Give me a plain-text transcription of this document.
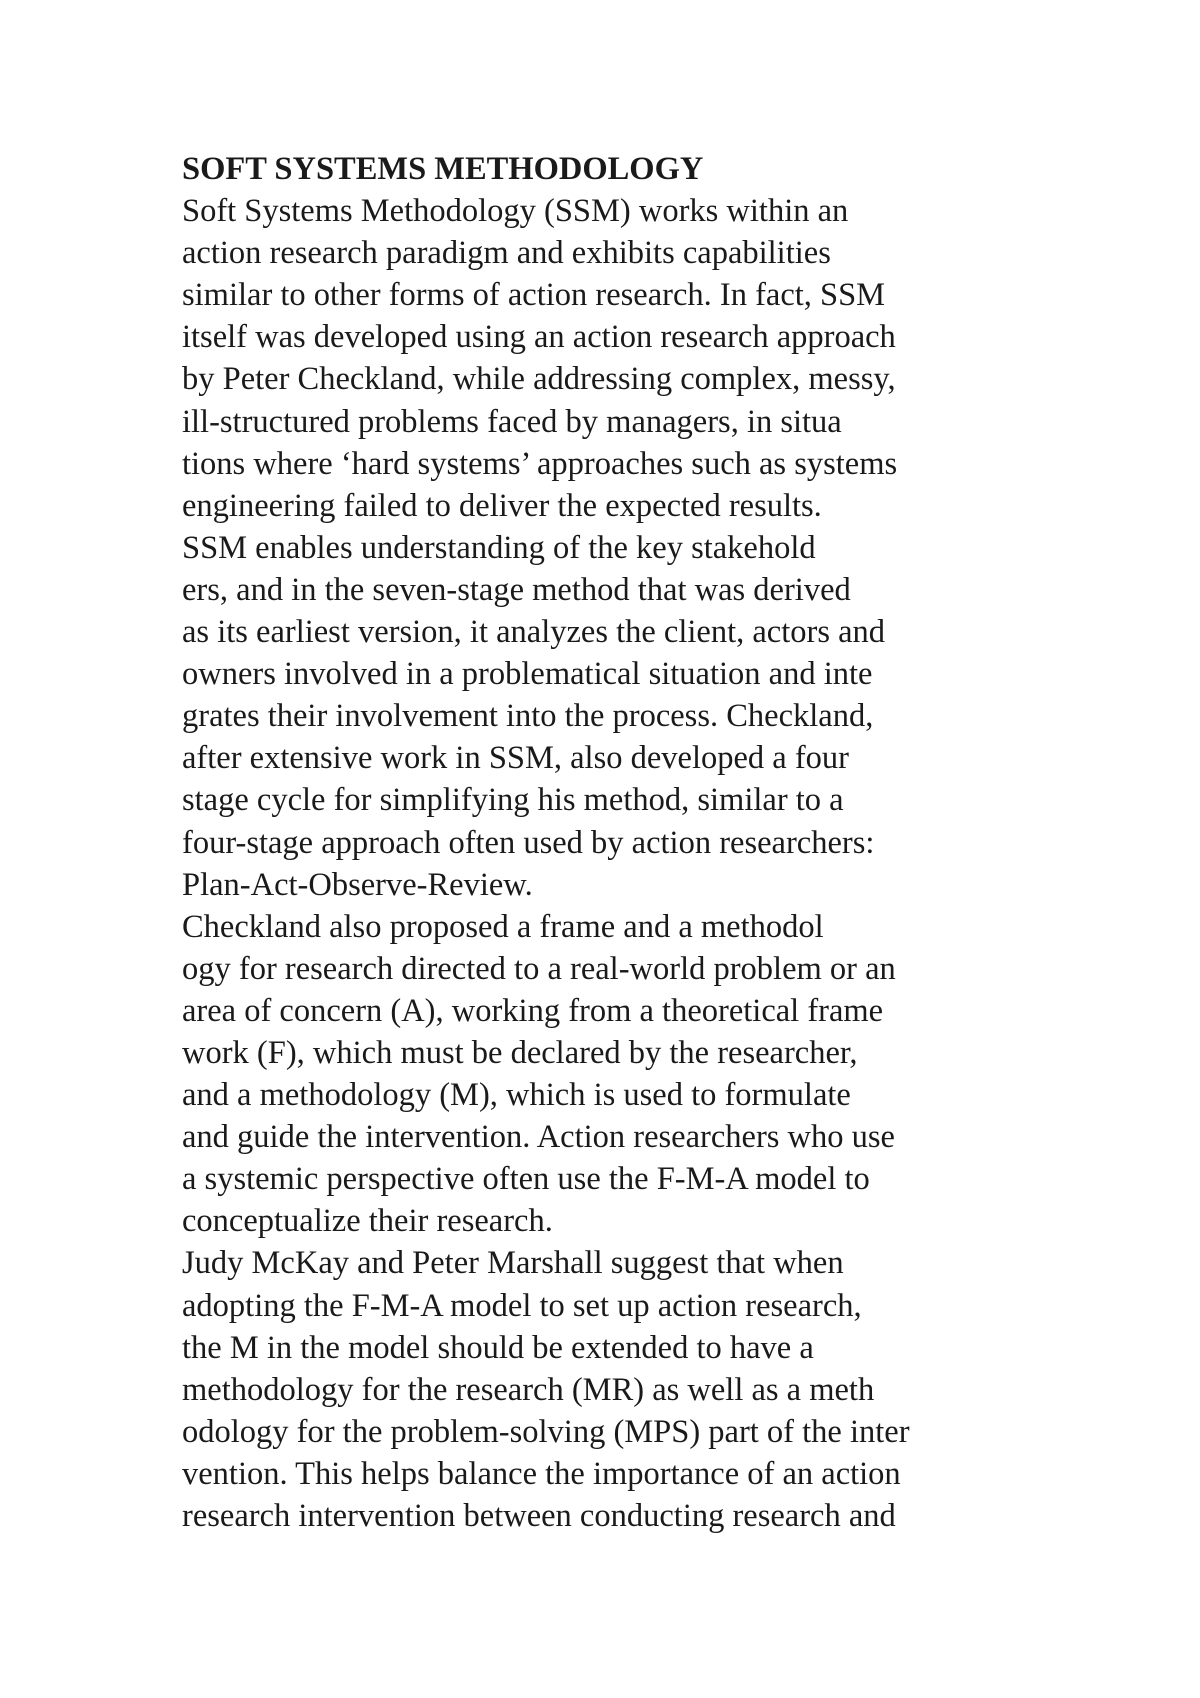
SOFT SYSTEMS METHODOLOGY
Soft Systems Methodology (SSM) works within an
action research paradigm and exhibits capabilities
similar to other forms of action research. In fact, SSM
itself was developed using an action research approach
by Peter Checkland, while addressing complex, messy,
ill-structured problems faced by managers, in situa
tions where ‘hard systems’ approaches such as systems
engineering failed to deliver the expected results.
SSM enables understanding of the key stakehold
ers, and in the seven-stage method that was derived
as its earliest version, it analyzes the client, actors and
owners involved in a problematical situation and inte
grates their involvement into the process. Checkland,
after extensive work in SSM, also developed a four
stage cycle for simplifying his method, similar to a
four-stage approach often used by action researchers:
Plan-Act-Observe-Review.
Checkland also proposed a frame and a methodol
ogy for research directed to a real-world problem or an
area of concern (A), working from a theoretical frame
work (F), which must be declared by the researcher,
and a methodology (M), which is used to formulate
and guide the intervention. Action researchers who use
a systemic perspective often use the F-M-A model to
conceptualize their research.
Judy McKay and Peter Marshall suggest that when
adopting the F-M-A model to set up action research,
the M in the model should be extended to have a
methodology for the research (MR) as well as a meth
odology for the problem-solving (MPS) part of the inter
vention. This helps balance the importance of an action
research intervention between conducting research and
